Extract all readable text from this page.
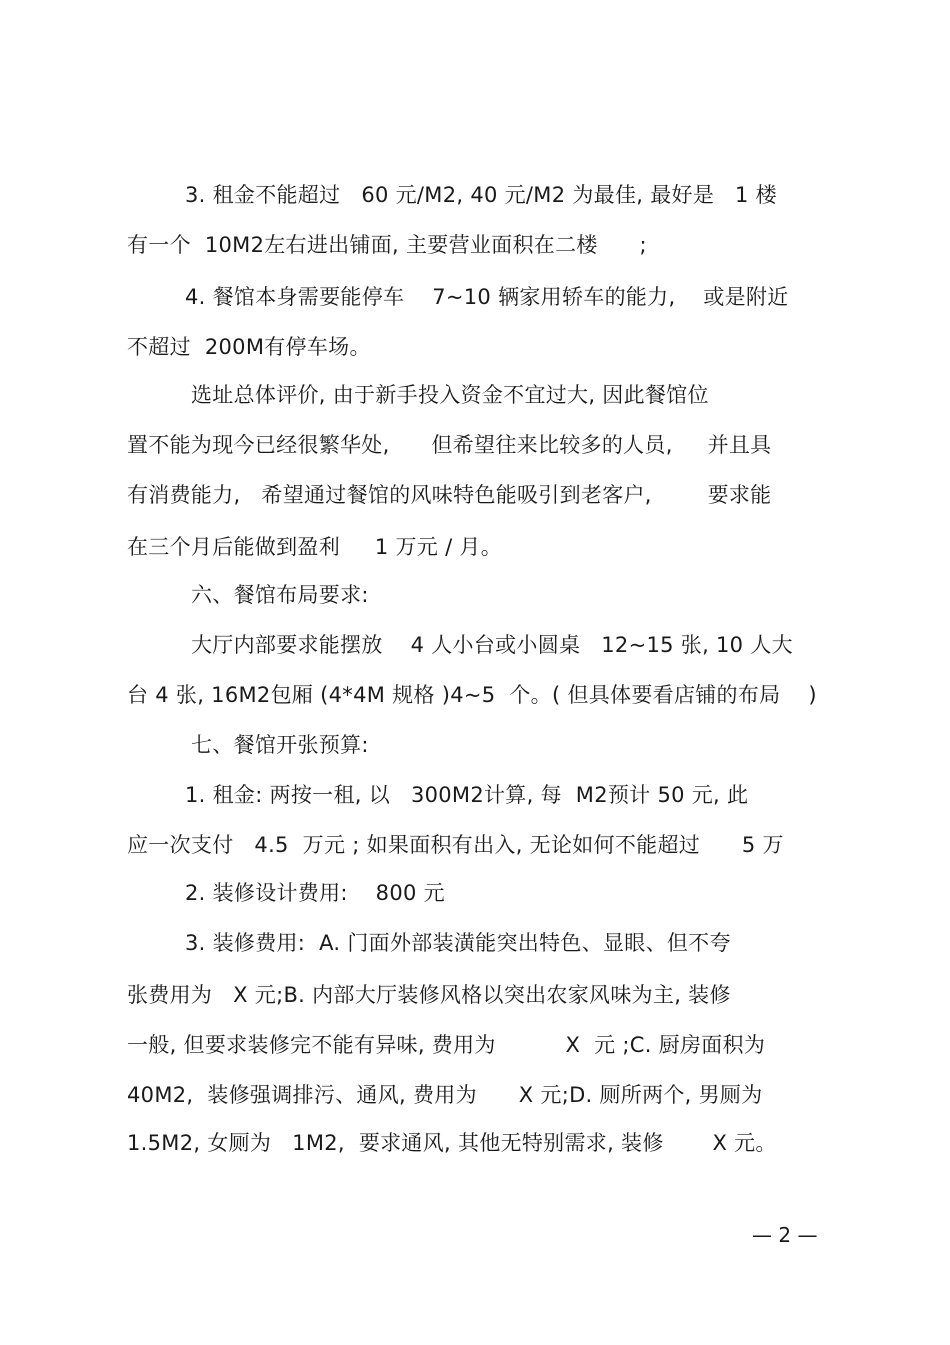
3. 租金不能超过   60 元/M2, 40 元/M2 为最佳, 最好是   1 楼
有一个  10M2左右进出铺面, 主要营业面积在二楼      ;
4. 餐馆本身需要能停车    7~10 辆家用轿车的能力,    或是附近
不超过  200M有停车场。
选址总体评价, 由于新手投入资金不宜过大, 因此餐馆位
置不能为现今已经很繁华处,      但希望往来比较多的人员,     并且具
有消费能力,   希望通过餐馆的风味特色能吸引到老客户,        要求能
在三个月后能做到盈利     1 万元 / 月。
六、餐馆布局要求:
大厅内部要求能摆放    4 人小台或小圆桌   12~15 张, 10 人大
台 4 张, 16M2包厢 (4*4M 规格 )4~5  个。( 但具体要看店铺的布局    )
七、餐馆开张预算:
1. 租金: 两按一租, 以   300M2计算, 每  M2预计 50 元, 此
应一次支付   4.5  万元 ; 如果面积有出入, 无论如何不能超过      5 万
2. 装修设计费用:    800 元
3. 装修费用:  A. 门面外部装潢能突出特色、显眼、但不夸
张费用为   X 元;B. 内部大厅装修风格以突出农家风味为主, 装修
一般, 但要求装修完不能有异味, 费用为          X  元 ;C. 厨房面积为
40M2,  装修强调排污、通风, 费用为      X 元;D. 厕所两个, 男厕为
1.5M2, 女厕为   1M2,  要求通风, 其他无特别需求, 装修       X 元。
— 2 —
